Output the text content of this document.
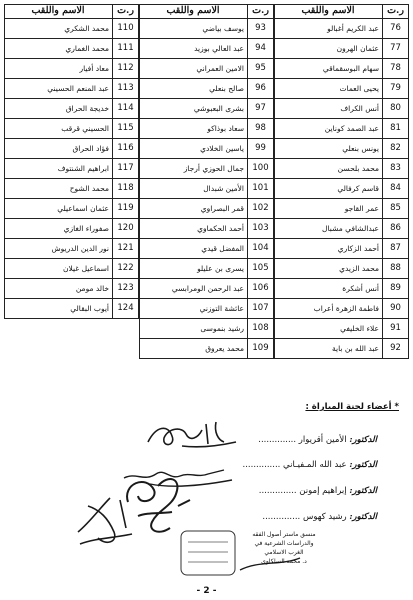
الاسم واللقب	ر.ت
عبد الكريم أغبالو	76
عثمان الهرون	77
سهام البوسقماقي	78
يحيى العمات	79
أنس الكراف	80
عبد الصمد كوناين	81
يونس بنعلي	82
محمد بلحسن	83
قاسم كرفالي	84
عمر القاجو	85
عبدالشافي مشبال	86
أحمد الزكاري	87
محمد الزيدي	88
أنس أشكرة	89
فاطمة الزهرة أعراب	90
علاء الخليفي	91
عبد الله بن باية	92
الاسم واللقب	ر.ت
يوسف بياضي	93
عبد العالي بوزيد	94
الامين العمراني	95
صالح بنعلي	96
بشرى البعبوشي	97
سعاد بوذاكو	98
ياسين الخلادي	99
جمال الحوزي أرجاز 100
الأمين شبدال 101
قمر البصراوي 102
أحمد الحكماوي 103
المفضل قيدي 104
يسرى بن عليلو 105
عبد الرحمن الومرابسي 106
عائشة التوزني 107
رشيد بنموسى 108
محمد يعروق 109
الاسم واللقب	ر.ت
محمد الشكري 110
محمد الغماري 111
معاد أفيار 112
عبد المنعم الحسيني 113
خديجة الحراق 114
الحسيني قرقب 115
فؤاد الحراق 116
ابراهيم الشنتوف 117
محمد الشوح 118
عثمان اسماعيلي 119
صفوراء الغازي 120
نور الدين الدريوش 121
اسماعيل غيلان 122
خالد مومن 123
أيوب البقالي 124
* أعضاء لجنة المباراة :
الدكتور: الأمين أقريوار ..............
الدكتور: عبد الله المـفيـاني ..............
الدكتور: إبراهيم إمونن ..............
الدكتور: رشيد كهوس ..............
منسق ماستر أصول الفقه
والدراسات الشرعية في
الغرب الاسلامي
د. محمد السلكاوي
- 2 -
